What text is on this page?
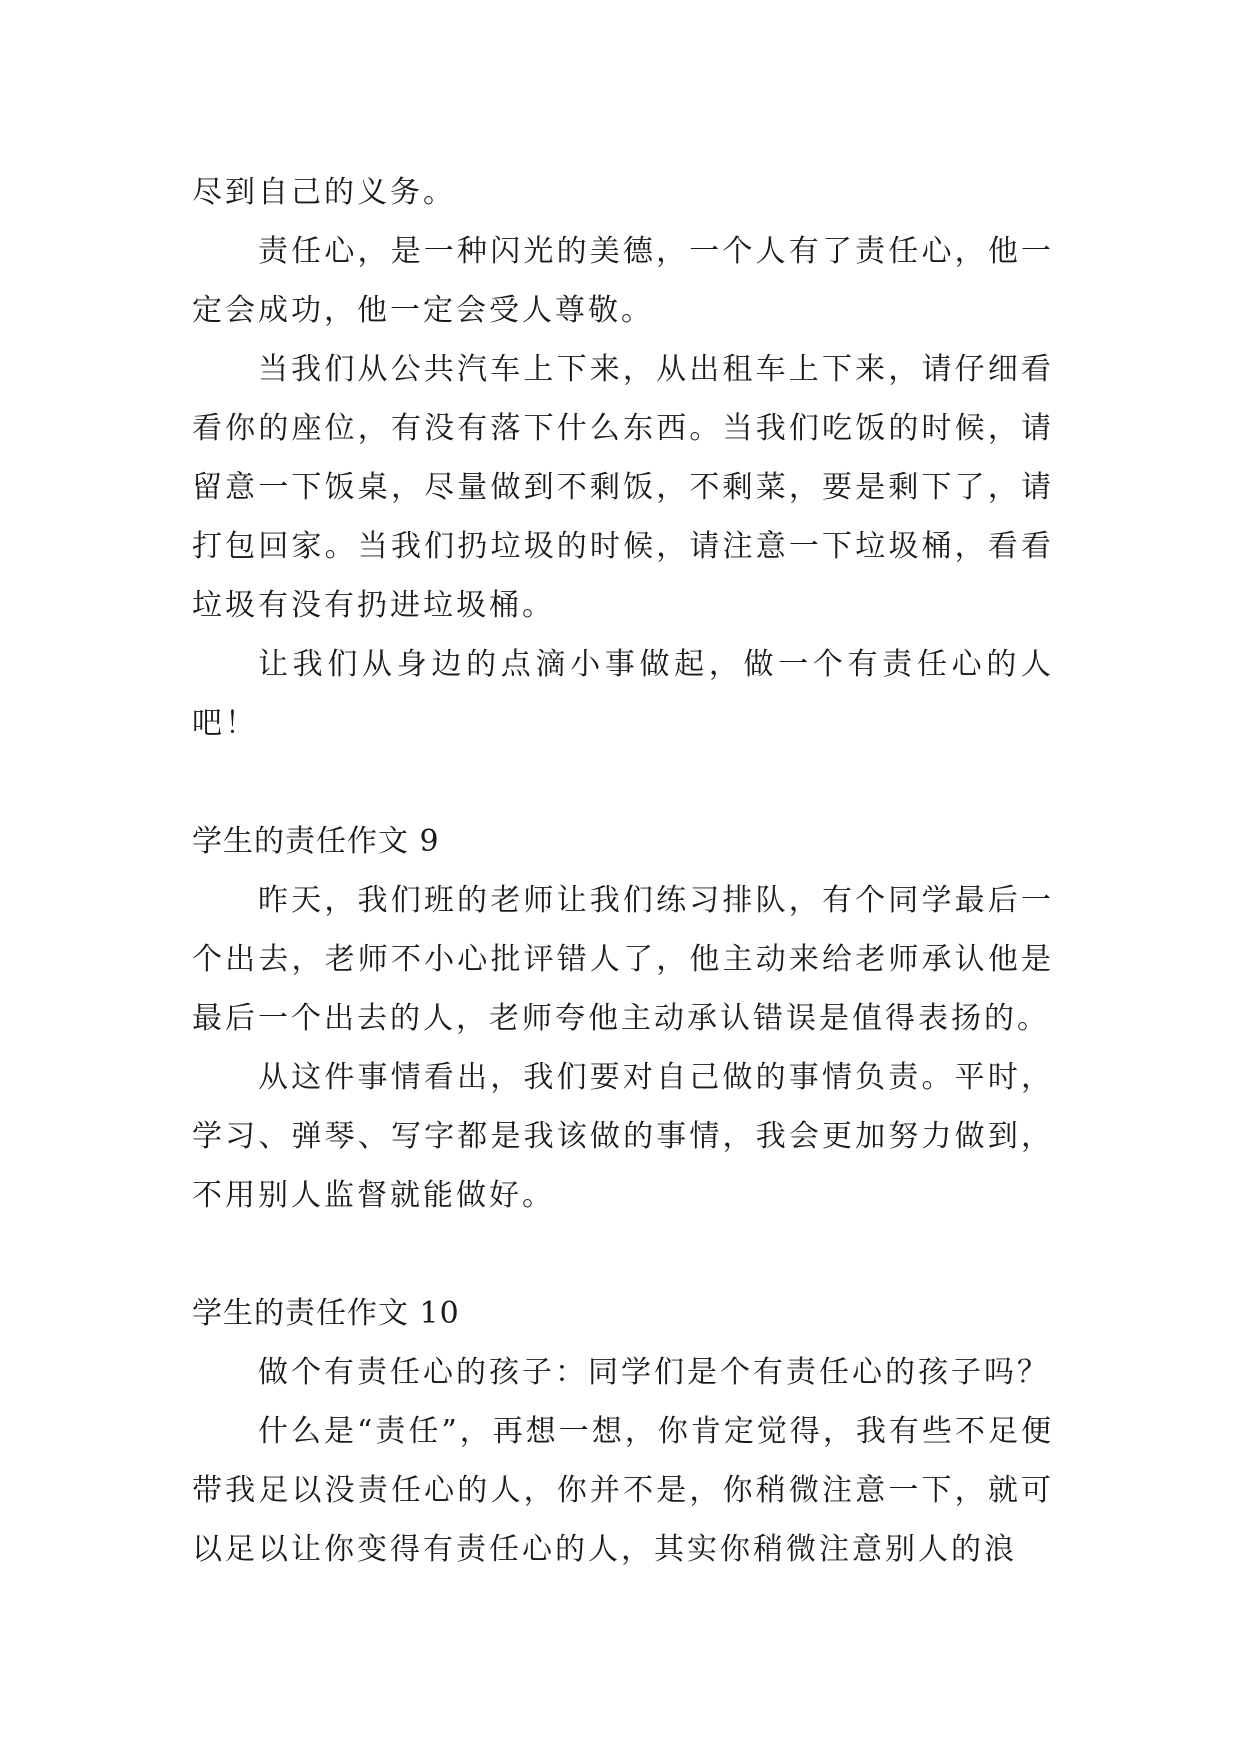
尽到自己的义务。

责任心，是一种闪光的美德，一个人有了责任心，他一定会成功，他一定会受人尊敬。

当我们从公共汽车上下来，从出租车上下来，请仔细看看你的座位，有没有落下什么东西。当我们吃饭的时候，请留意一下饭桌，尽量做到不剩饭，不剩菜，要是剩下了，请打包回家。当我们扔垃圾的时候，请注意一下垃圾桶，看看垃圾有没有扔进垃圾桶。

让我们从身边的点滴小事做起，做一个有责任心的人吧！

学生的责任作文 9

昨天，我们班的老师让我们练习排队，有个同学最后一个出去，老师不小心批评错人了，他主动来给老师承认他是最后一个出去的人，老师夸他主动承认错误是值得表扬的。

从这件事情看出，我们要对自己做的事情负责。平时，学习、弹琴、写字都是我该做的事情，我会更加努力做到，不用别人监督就能做好。

学生的责任作文 10

做个有责任心的孩子：同学们是个有责任心的孩子吗？

什么是“责任”，再想一想，你肯定觉得，我有些不足便带我足以没责任心的人，你并不是，你稍微注意一下，就可以足以让你变得有责任心的人，其实你稍微注意别人的浪
